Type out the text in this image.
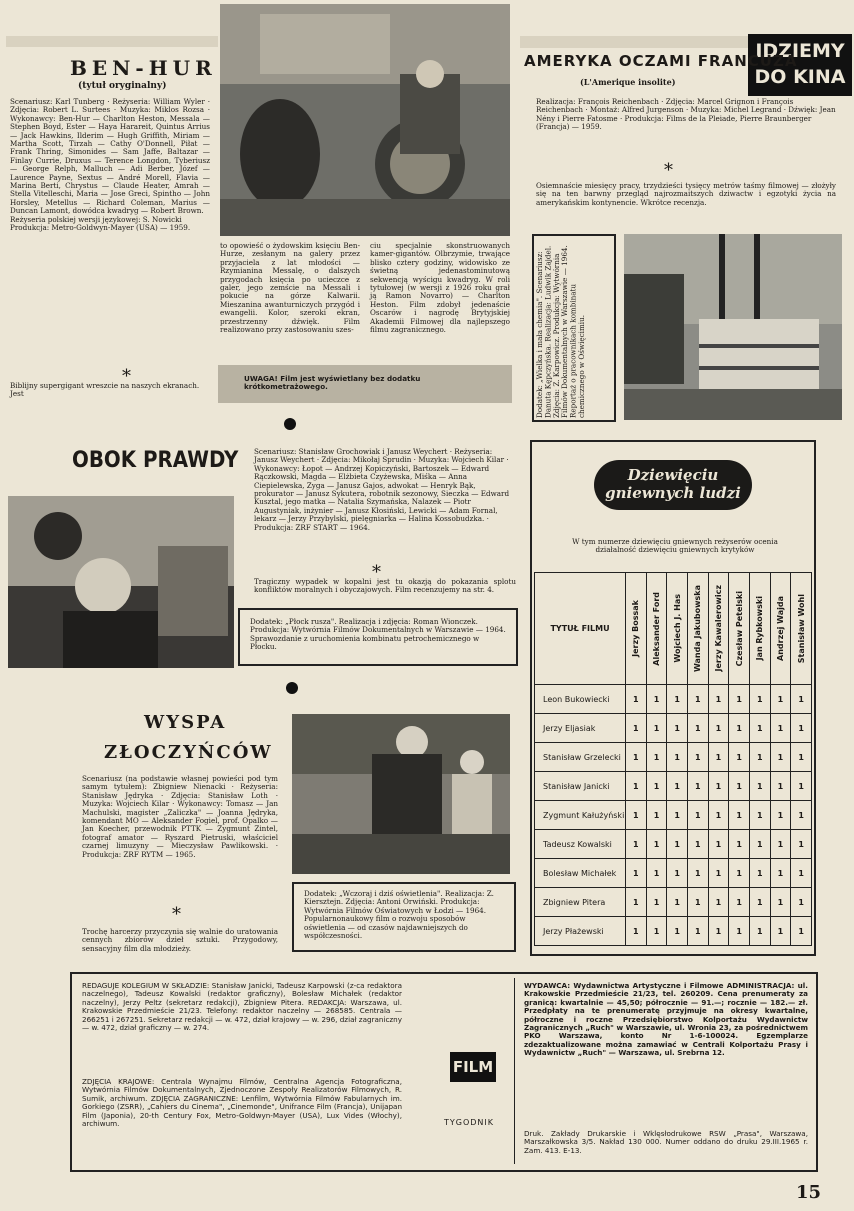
BEN-HUR
(tytuł oryginalny)
Scenariusz: Karl Tunberg · Reżyseria: William Wyler · Zdjęcia: Robert L. Surtees · Muzyka: Miklos Rozsa · Wykonawcy: Ben-Hur — Charlton Heston, Messala — Stephen Boyd, Ester — Haya Harareit, Quintus Arrius — Jack Hawkins, Ilderim — Hugh Griffith, Miriam — Martha Scott, Tirzah — Cathy O'Donnell, Piłat — Frank Thring, Simonides — Sam Jaffe, Baltazar — Finlay Currie, Druxus — Terence Longdon, Tyberiusz — George Relph, Malluch — Adi Berber, Józef — Laurence Payne, Sextus — André Morell, Flavia — Marina Berti, Chrystus — Claude Heater, Amrah — Stella Vitelleschi, Maria — Jose Greci, Spintho — John Horsley, Metellus — Richard Coleman, Marius — Duncan Lamont, dowódca kwadryg — Robert Brown.
Reżyseria polskiej wersji językowej: S. Nowicki
Produkcja: Metro-Goldwyn-Mayer (USA) — 1959.
*
Biblijny supergigant wreszcie na naszych ekranach. Jest
to opowieść o żydowskim księciu Ben-Hurze, zesłanym na galery przez przyjaciela z lat młodości — Rzymianina Messalę, o dalszych przygodach księcia po ucieczce z galer, jego zemście na Messali i pokucie na górze Kalwarii. Mieszanina awanturniczych przygód i ewangelii. Kolor, szeroki ekran, przestrzenny dźwięk. Film realizowano przy zastosowaniu szes-
ciu specjalnie skonstruowanych kamer-gigantów. Olbrzymie, trwające blisko cztery godziny, widowisko ze świetną jedenastominutową sekwencją wyścigu kwadryg. W roli tytułowej (w wersji z 1926 roku grał ją Ramon Novarro) — Charlton Heston. Film zdobył jedenaście Oscarów i nagrodę Brytyjskiej Akademii Filmowej dla najlepszego filmu zagranicznego.
UWAGA! Film jest wyświetlany bez dodatku krótkometrażowego.
IDZIEMY DO KINA
AMERYKA OCZAMI FRANCUZA
(L'Amerique insolite)
Realizacja: François Reichenbach · Zdjęcia: Marcel Grignon i François Reichenbach · Montaż: Alfred Jurgenson · Muzyka: Michel Legrand · Dźwięk: Jean Nény i Pierre Fatosme · Produkcja: Films de la Pleiade, Pierre Braunberger (Francja) — 1959.
*
Osiemnaście miesięcy pracy, trzydzieści tysięcy metrów taśmy filmowej — złożyły się na ten barwny przegląd najrozmaitszych dziwactw i egzotyki życia na amerykańskim kontynencie. Wkrótce recenzja.
Dodatek: „Wielka i mała chemia". Scenariusz: Danuta Kępczyńska. Realizacja: Ludwik Zajdel. Zdjęcia: Z. Karpowicz. Produkcja: Wytwórnia Filmów Dokumentalnych w Warszawie — 1964. Reportaż o pracownikach kombinatu chemicznego w Oświęcimiu.
OBOK PRAWDY Scenariusz: Stanisław Grochowiak i Janusz Weychert · Reżyseria: Janusz Weychert · Zdjęcia: Mikołaj Sprudin · Muzyka: Wojciech Kilar · Wykonawcy: Łopot — Andrzej Kopiczyński, Bartoszek — Edward Rączkowski, Magda — Elżbieta Czyżewska, Miśka — Anna Ciepielewska, Zyga — Janusz Gajos, adwokat — Henryk Bąk, prokurator — Janusz Sykutera, robotnik sezonowy, Sieczka — Edward Kusztal, jego matka — Natalia Szymańska, Nalazek — Piotr Augustyniak, inżynier — Janusz Kłosiński, Lewicki — Adam Fornal, lekarz — Jerzy Przybylski, pielęgniarka — Halina Kossobudzka. · Produkcja: ZRF START — 1964.
*
Tragiczny wypadek w kopalni jest tu okazją do pokazania splotu konfliktów moralnych i obyczajowych. Film recenzujemy na str. 4.
Dodatek: „Płock rusza". Realizacja i zdjęcia: Roman Wionczek. Produkcja: Wytwórnia Filmów Dokumentalnych w Warszawie — 1964. Sprawozdanie z uruchomienia kombinatu petrochemicznego w Płocku.
WYSPA
ZŁOCZYŃCÓW
Scenariusz (na podstawie własnej powieści pod tym samym tytułem): Zbigniew Nienacki · Reżyseria: Stanisław Jędryka · Zdjęcia: Stanisław Loth · Muzyka: Wojciech Kilar · Wykonawcy: Tomasz — Jan Machulski, magister „Zaliczka" — Joanna Jędryka, komendant MO — Aleksander Fogiel, prof. Opalko — Jan Koecher, przewodnik PTTK — Zygmunt Zintel, fotograf amator — Ryszard Pietruski, właściciel czarnej limuzyny — Mieczysław Pawlikowski. · Produkcja: ZRF RYTM — 1965.
*
Trochę harcerzy przyczynia się walnie do uratowania cennych zbiorów dzieł sztuki. Przygodowy, sensacyjny film dla młodzieży.
Dodatek: „Wczoraj i dziś oświetlenia". Realizacja: Z. Kiersztejn. Zdjęcia: Antoni Orwiński. Produkcja: Wytwórnia Filmów Oświatowych w Łodzi — 1964. Popularnonaukowy film o rozwoju sposobów oświetlenia — od czasów najdawniejszych do współczesności.
Dziewięciu gniewnych ludzi
W tym numerze dziewięciu gniewnych reżyserów ocenia działalność dziewięciu gniewnych krytyków
TYTUŁ FILMU	Jerzy Bossak	Aleksander Ford	Wojciech J. Has	Wanda Jakubowska	Jerzy Kawalerowicz	Czesław Petelski	Jan Rybkowski	Andrzej Wajda	Stanisław Wohl

Leon Bukowiecki	1	1	1	1	1	1	1	1	1
Jerzy Eljasiak	1	1	1	1	1	1	1	1	1
Stanisław Grzelecki	1	1	1	1	1	1	1	1	1
Stanisław Janicki	1	1	1	1	1	1	1	1	1
Zygmunt Kałużyński	1	1	1	1	1	1	1	1	1
Tadeusz Kowalski	1	1	1	1	1	1	1	1	1
Bolesław Michałek	1	1	1	1	1	1	1	1	1
Zbigniew Pitera	1	1	1	1	1	1	1	1	1
Jerzy Płażewski	1	1	1	1	1	1	1	1	1
REDAGUJE KOLEGIUM W SKŁADZIE: Stanisław Janicki, Tadeusz Karpowski (z-ca redaktora naczelnego), Tadeusz Kowalski (redaktor graficzny), Bolesław Michałek (redaktor naczelny), Jerzy Peltz (sekretarz redakcji), Zbigniew Pitera. REDAKCJA: Warszawa, ul. Krakowskie Przedmieście 21/23. Telefony: redaktor naczelny — 268585. Centrala — 266251 i 267251. Sekretarz redakcji — w. 472, dział krajowy — w. 296, dział zagraniczny — w. 472, dział graficzny — w. 274.
ZDJĘCIA KRAJOWE: Centrala Wynajmu Filmów, Centralna Agencja Fotograficzna, Wytwórnia Filmów Dokumentalnych, Zjednoczone Zespoły Realizatorów Filmowych, R. Sumik, archiwum. ZDJĘCIA ZAGRANICZNE: Lenfilm, Wytwórnia Filmów Fabularnych im. Gorkiego (ZSRR), „Cahiers du Cinema", „Cinemonde", Unifrance Film (Francja), Unijapan Film (Japonia), 20-th Century Fox, Metro-Goldwyn-Mayer (USA), Lux Vides (Włochy), archiwum.
FILM
TYGODNIK
WYDAWCA: Wydawnictwa Artystyczne i Filmowe ADMINISTRACJA: ul. Krakowskie Przedmieście 21/23, tel. 260209. Cena prenumeraty za granicą: kwartalnie — 45,50; półrocznie — 91.—; rocznie — 182.— zł. Przedpłaty na te prenumeratę przyjmuje na okresy kwartalne, półroczne i roczne Przedsiębiorstwo Kolportażu Wydawnictw Zagranicznych „Ruch" w Warszawie, ul. Wronia 23, za pośrednictwem PKO Warszawa, konto Nr 1-6-100024. Egzemplarze zdezaktualizowane można zamawiać w Centrali Kolportażu Prasy i Wydawnictw „Ruch" — Warszawa, ul. Srebrna 12.
Druk. Zakłady Drukarskie i Wklęsłodrukowe RSW „Prasa", Warszawa, Marszałkowska 3/5. Nakład 130 000. Numer oddano do druku 29.III.1965 r. Zam. 413. E-13.
15
